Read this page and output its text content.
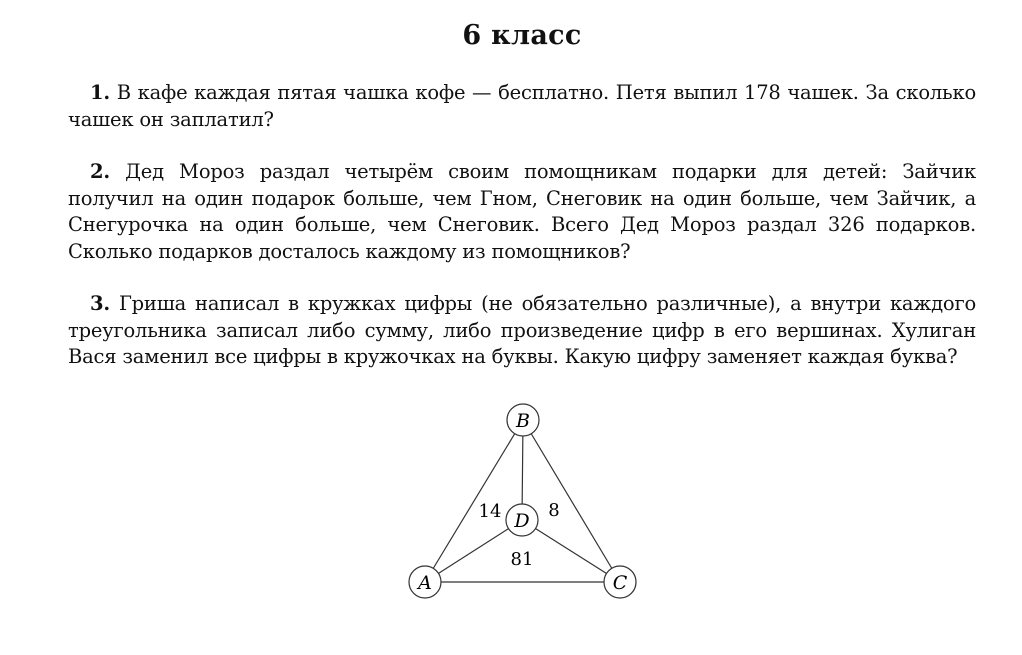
6 класс
1. В кафе каждая пятая чашка кофе — бесплатно. Петя выпил 178 чашек. За сколько чашек он заплатил?
2. Дед Мороз раздал четырём своим помощникам подарки для детей: Зайчик получил на один подарок больше, чем Гном, Снеговик на один больше, чем Зайчик, а Снегурочка на один больше, чем Снеговик. Всего Дед Мороз раздал 326 подарков. Сколько подарков досталось каждому из помощников?
3. Гриша написал в кружках цифры (не обязательно различные), а внутри каждого треугольника записал либо сумму, либо произведение цифр в его вершинах. Хулиган Вася заменил все цифры в кружочках на буквы. Какую цифру заменяет каждая буква?
B
A	C
D
14	8
81
